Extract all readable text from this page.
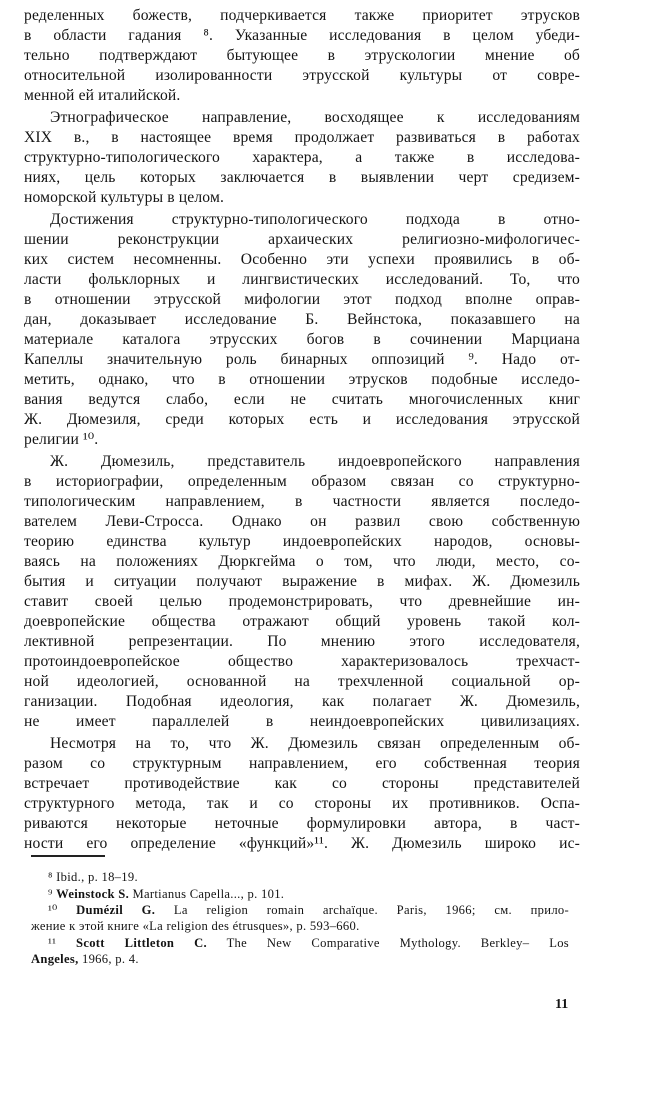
ределенных божеств, подчеркивается также приоритет этрусков
в области гадания ⁸. Указанные исследования в целом убеди-
тельно подтверждают бытующее в этрускологии мнение об
относительной изолированности этрусской культуры от совре-
менной ей италийской.
Этнографическое направление, восходящее к исследованиям
XIX в., в настоящее время продолжает развиваться в работах
структурно-типологического характера, а также в исследова-
ниях, цель которых заключается в выявлении черт средизем-
номорской культуры в целом.
Достижения структурно-типологического подхода в отно-
шении реконструкции архаических религиозно-мифологичес-
ких систем несомненны. Особенно эти успехи проявились в об-
ласти фольклорных и лингвистических исследований. То, что
в отношении этрусской мифологии этот подход вполне оправ-
дан, доказывает исследование Б. Вейнстока, показавшего на
материале каталога этрусских богов в сочинении Марциана
Капеллы значительную роль бинарных оппозиций ⁹. Надо от-
метить, однако, что в отношении этрусков подобные исследо-
вания ведутся слабо, если не считать многочисленных книг
Ж. Дюмезиля, среди которых есть и исследования этрусской
религии ¹⁰.
Ж. Дюмезиль, представитель индоевропейского направления
в историографии, определенным образом связан со структурно-
типологическим направлением, в частности является последо-
вателем Леви-Строcса. Однако он развил свою собственную
теорию единства культур индоевропейских народов, основы-
ваясь на положениях Дюркгейма о том, что люди, место, со-
бытия и ситуации получают выражение в мифах. Ж. Дюмезиль
ставит своей целью продемонстрировать, что древнейшие ин-
доевропейские общества отражают общий уровень такой кол-
лективной репрезентации. По мнению этого исследователя,
протоиндоевропейское общество характеризовалось трехчаст-
ной идеологией, основанной на трехчленной социальной ор-
ганизации. Подобная идеология, как полагает Ж. Дюмезиль,
не имеет параллелей в неиндоевропейских цивилизациях.
Несмотря на то, что Ж. Дюмезиль связан определенным об-
разом со структурным направлением, его собственная теория
встречает противодействие как со стороны представителей
структурного метода, так и со стороны их противников. Оспа-
риваются некоторые неточные формулировки автора, в част-
ности его определение «функций»¹¹. Ж. Дюмезиль широко ис-
⁸ Ibid., p. 18–19.
⁹ Weinstock S. Martianus Capella..., p. 101.
¹⁰ Dumézil G. La religion romain archaïque. Paris, 1966; см. прило-
жение к этой книге «La religion des étrusques», p. 593–660.
¹¹ Scott Littleton C. The New Comparative Mythology. Berkley– Los
Angeles, 1966, p. 4.
11
